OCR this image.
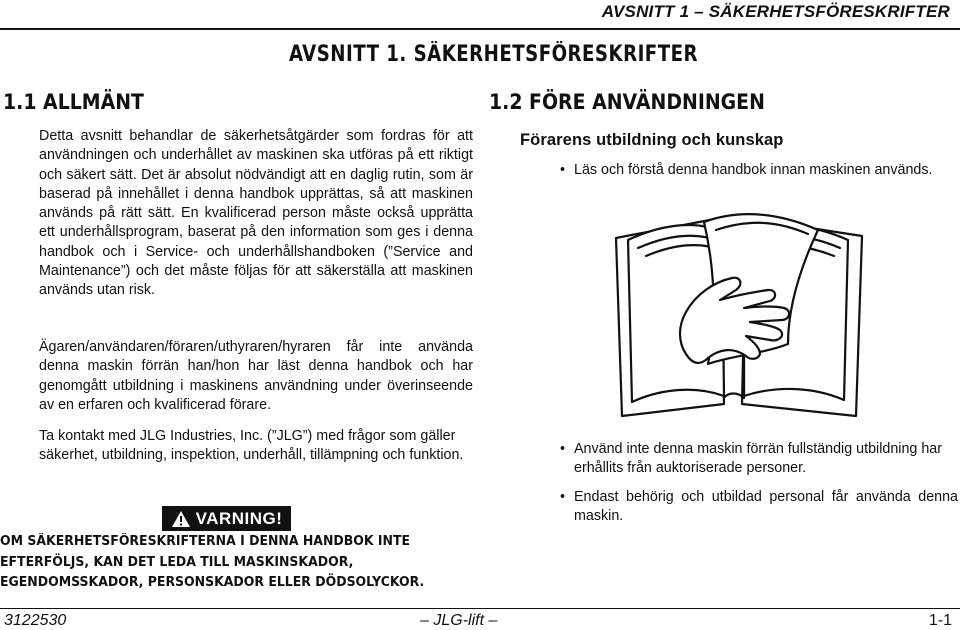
AVSNITT 1 – SÄKERHETSFÖRESKRIFTER
AVSNITT 1. SÄKERHETSFÖRESKRIFTER
1.1 ALLMÄNT

Detta avsnitt behandlar de säkerhetsåtgärder som fordras för att användningen och underhållet av maskinen ska utföras på ett riktigt och säkert sätt. Det är absolut nödvändigt att en daglig rutin, som är baserad på innehållet i denna handbok upprättas, så att maskinen används på rätt sätt. En kvalificerad person måste också upprätta ett underhållsprogram, baserat på den information som ges i denna handbok och i Service- och underhållshandboken (”Service and Maintenance”) och det måste följas för att säkerställa att maskinen används utan risk.

Ägaren/användaren/föraren/uthyraren/hyraren får inte använda denna maskin förrän han/hon har läst denna handbok och har genomgått utbildning i maskinens användning under överinseende av en erfaren och kvalificerad förare.

Ta kontakt med JLG Industries, Inc. (”JLG”) med frågor som gäller säkerhet, utbildning, inspektion, underhåll, tillämpning och funktion.

VARNING!
OM SÄKERHETSFÖRESKRIFTERNA I DENNA HANDBOK INTE EFTERFÖLJS, KAN DET LEDA TILL MASKINSKADOR, EGENDOMSSKADOR, PERSONSKADOR ELLER DÖDSOLYCKOR.
1.2 FÖRE ANVÄNDNINGEN
Förarens utbildning och kunskap
• Läs och förstå denna handbok innan maskinen används.
• Använd inte denna maskin förrän fullständig utbildning har erhållits från auktoriserade personer.
• Endast behörig och utbildad personal får använda denna maskin.
3122530	– JLG-lift –	1-1
